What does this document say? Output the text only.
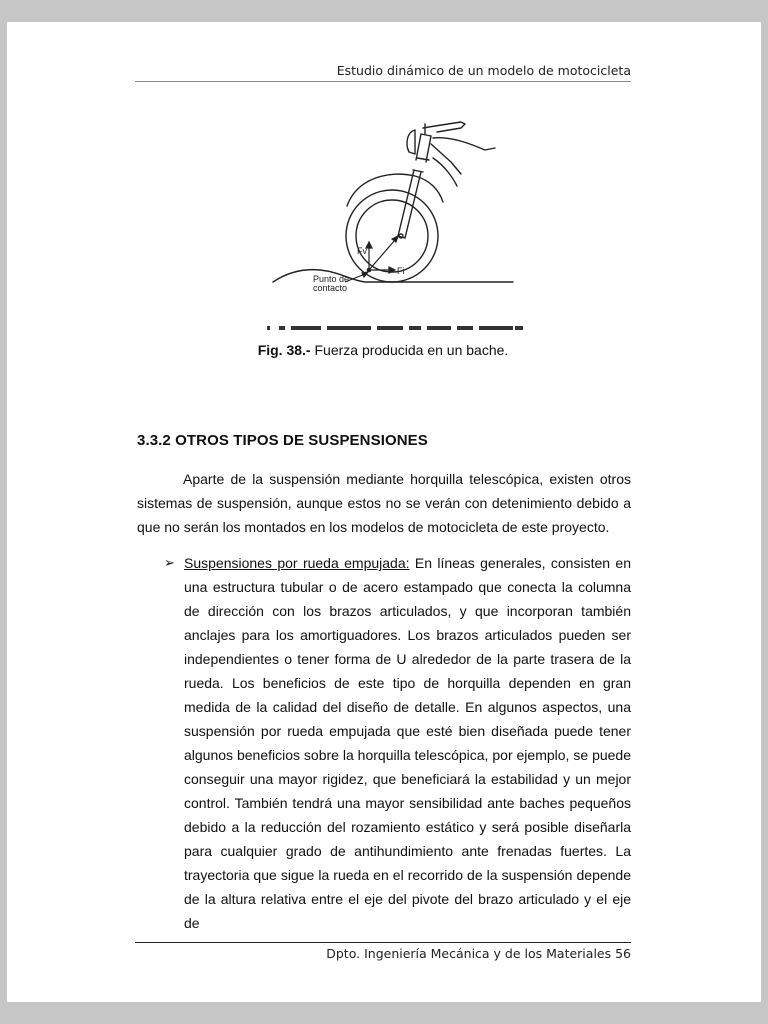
Estudio dinámico de un modelo de motocicleta
Fv
Fi
Punto de
contacto
Fig. 38.- Fuerza producida en un bache.
3.3.2 OTROS TIPOS DE SUSPENSIONES
Aparte de la suspensión mediante horquilla telescópica, existen otros sistemas de suspensión, aunque estos no se verán con detenimiento debido a que no serán los montados en los modelos de motocicleta de este proyecto.
➢ Suspensiones por rueda empujada: En líneas generales, consisten en una estructura tubular o de acero estampado que conecta la columna de dirección con los brazos articulados, y que incorporan también anclajes para los amortiguadores. Los brazos articulados pueden ser independientes o tener forma de U alrededor de la parte trasera de la rueda. Los beneficios de este tipo de horquilla dependen en gran medida de la calidad del diseño de detalle. En algunos aspectos, una suspensión por rueda empujada que esté bien diseñada puede tener algunos beneficios sobre la horquilla telescópica, por ejemplo, se puede conseguir una mayor rigidez, que beneficiará la estabilidad y un mejor control. También tendrá una mayor sensibilidad ante baches pequeños debido a la reducción del rozamiento estático y será posible diseñarla para cualquier grado de antihundimiento ante frenadas fuertes. La trayectoria que sigue la rueda en el recorrido de la suspensión depende de la altura relativa entre el eje del pivote del brazo articulado y el eje de
Dpto. Ingeniería Mecánica y de los Materiales 56
